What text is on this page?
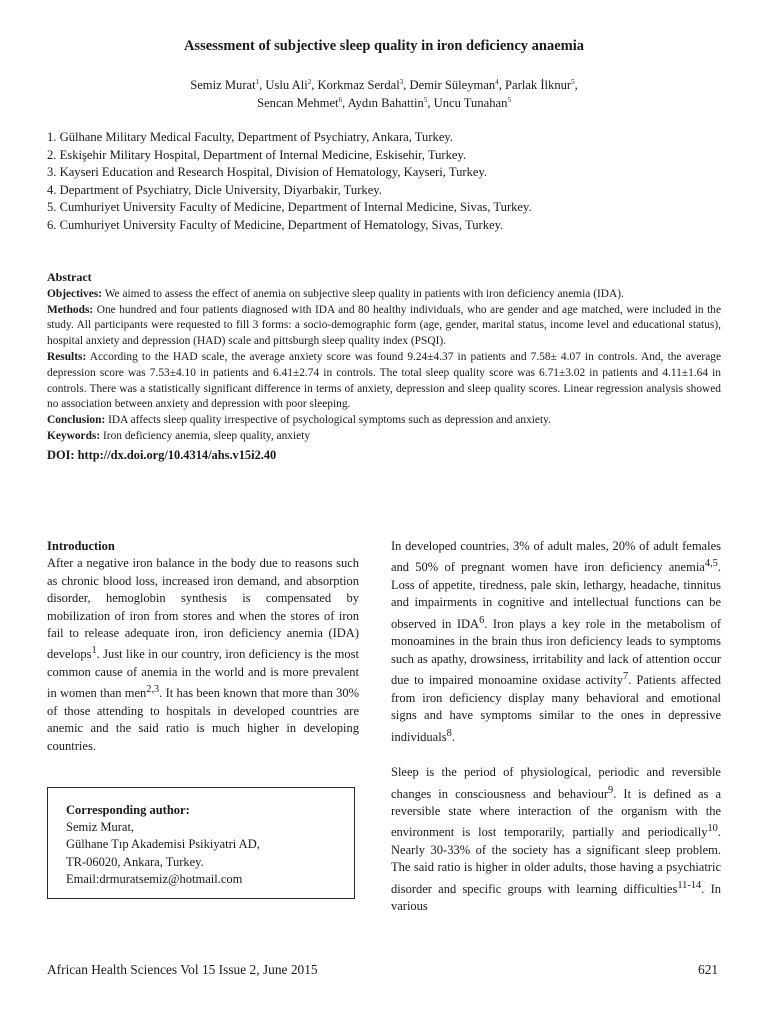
Assessment of subjective sleep quality in iron deficiency anaemia
Semiz Murat$^1$, Uslu Ali$^2$, Korkmaz Serdal$^3$, Demir Süleyman$^4$, Parlak İlknur$^5$,
Sencan Mehmet$^6$, Aydın Bahattin$^5$, Uncu Tunahan$^5$
1. Gülhane Military Medical Faculty, Department of Psychiatry, Ankara, Turkey.
2. Eskişehir Military Hospital, Department of Internal Medicine, Eskisehir, Turkey.
3. Kayseri Education and Research Hospital, Division of Hematology, Kayseri, Turkey.
4. Department of Psychiatry, Dicle University, Diyarbakir, Turkey.
5. Cumhuriyet University Faculty of Medicine, Department of Internal Medicine, Sivas, Turkey.
6. Cumhuriyet University Faculty of Medicine, Department of Hematology, Sivas, Turkey.
Abstract

Objectives: We aimed to assess the effect of anemia on subjective sleep quality in patients with iron deficiency anemia (IDA).

Methods: One hundred and four patients diagnosed with IDA and 80 healthy individuals, who are gender and age matched, were included in the study. All participants were requested to fill 3 forms: a socio-demographic form (age, gender, marital status, income level and educational status), hospital anxiety and depression (HAD) scale and pittsburgh sleep quality index (PSQI).

Results: According to the HAD scale, the average anxiety score was found 9.24±4.37 in patients and 7.58± 4.07 in controls. And, the average depression score was 7.53±4.10 in patients and 6.41±2.74 in controls. The total sleep quality score was 6.71±3.02 in patients and 4.11±1.64 in controls. There was a statistically significant difference in terms of anxiety, depression and sleep quality scores. Linear regression analysis showed no association between anxiety and depression with poor sleeping.

Conclusion: IDA affects sleep quality irrespective of psychological symptoms such as depression and anxiety.

Keywords: Iron deficiency anemia, sleep quality, anxiety

DOI: http://dx.doi.org/10.4314/ahs.v15i2.40
Introduction

After a negative iron balance in the body due to reasons such as chronic blood loss, increased iron demand, and absorption disorder, hemoglobin synthesis is compensated by mobilization of iron from stores and when the stores of iron fail to release adequate iron, iron deficiency anemia (IDA) develops$^1$. Just like in our country, iron deficiency is the most common cause of anemia in the world and is more prevalent in women than men$^{2,3}$. It has been known that more than 30% of those attending to hospitals in developed countries are anemic and the said ratio is much higher in developing countries.

Corresponding author:
Semiz Murat,
Gülhane Tıp Akademisi Psikiyatri AD,
TR-06020, Ankara, Turkey.
Email:drmuratsemiz@hotmail.com

In developed countries, 3% of adult males, 20% of adult females and 50% of pregnant women have iron deficiency anemia$^{4,5}$. Loss of appetite, tiredness, pale skin, lethargy, headache, tinnitus and impairments in cognitive and intellectual functions can be observed in IDA$^6$. Iron plays a key role in the metabolism of monoamines in the brain thus iron deficiency leads to symptoms such as apathy, drowsiness, irritability and lack of attention occur due to impaired monoamine oxidase activity$^7$. Patients affected from iron deficiency display many behavioral and emotional signs and have symptoms similar to the ones in depressive individuals$^8$.

Sleep is the period of physiological, periodic and reversible changes in consciousness and behaviour$^9$. It is defined as a reversible state where interaction of the organism with the environment is lost temporarily, partially and periodically$^{10}$. Nearly 30-33% of the society has a significant sleep problem. The said ratio is higher in older adults, those having a psychiatric disorder and specific groups with learning difficulties$^{11-14}$. In various

African Health Sciences Vol 15 Issue 2, June 2015	621
